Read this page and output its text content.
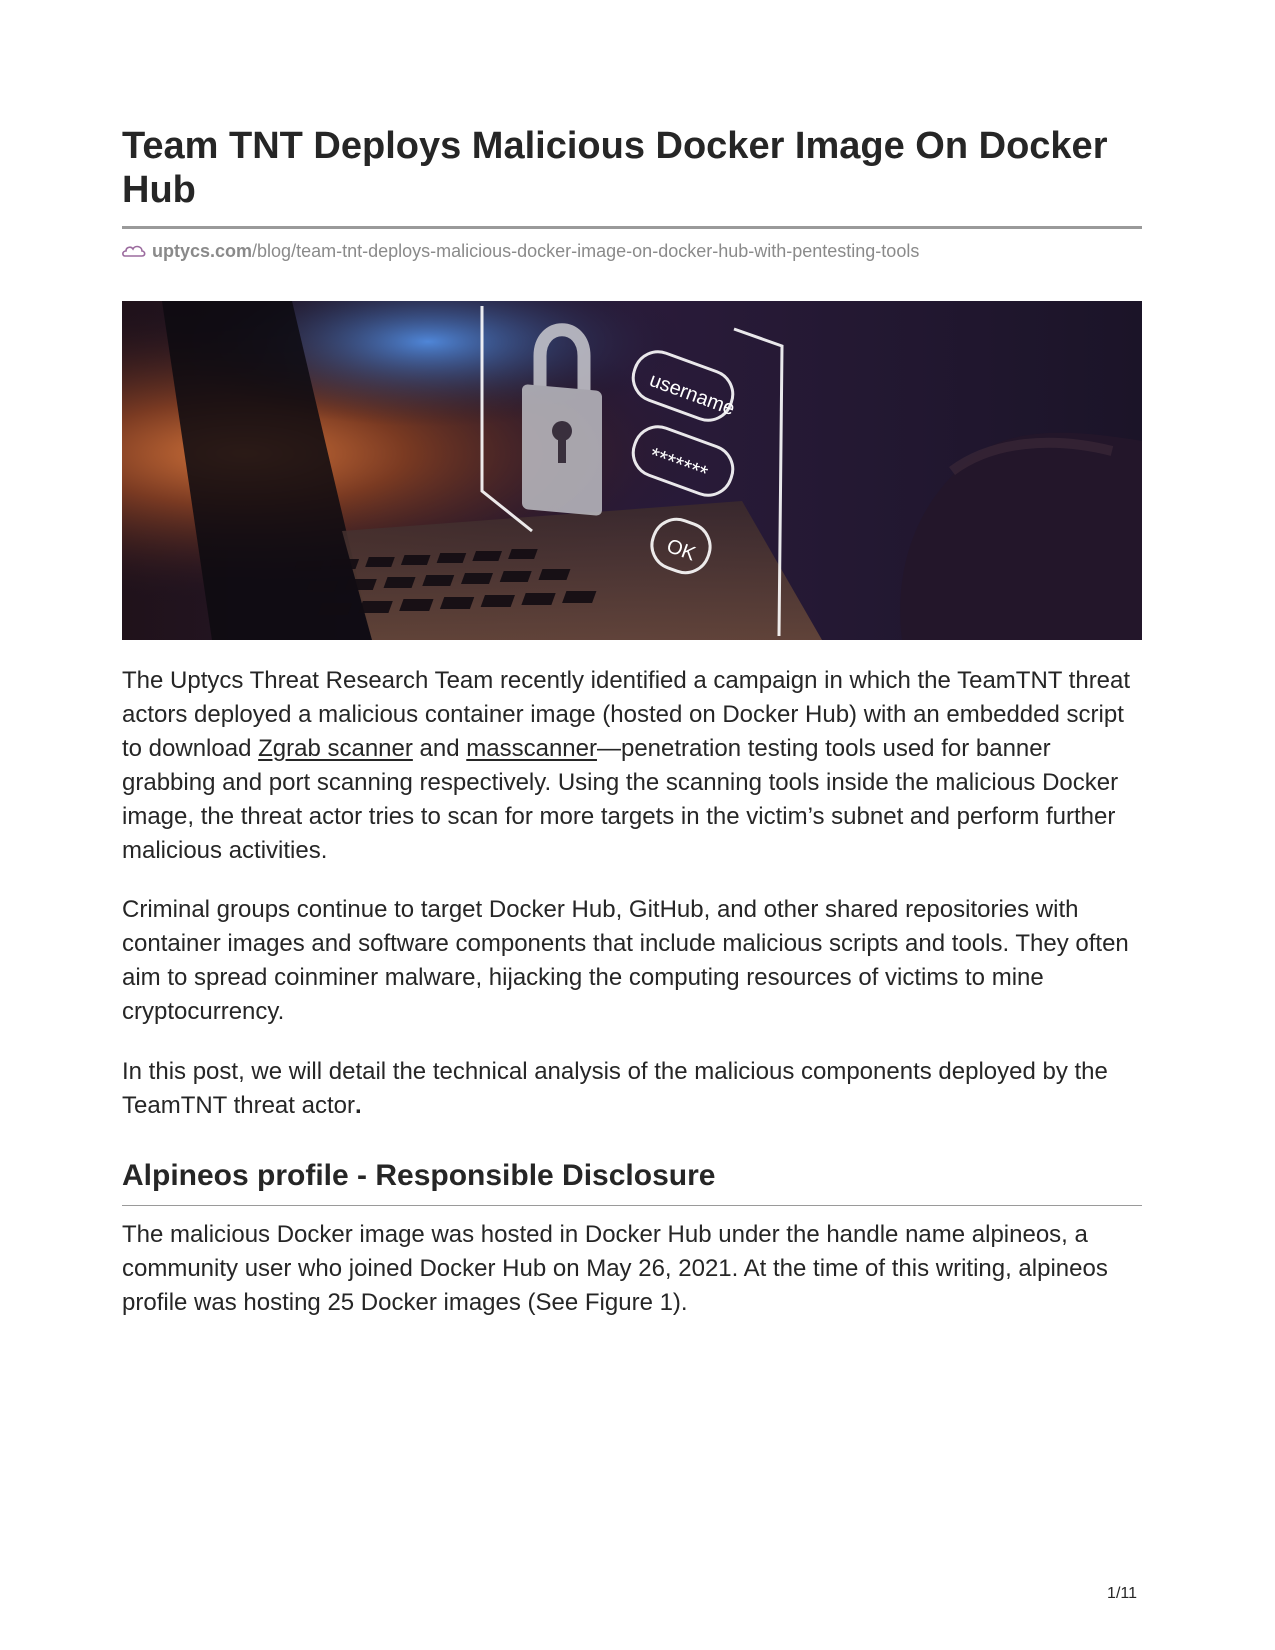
Team TNT Deploys Malicious Docker Image On Docker Hub
uptycs.com/blog/team-tnt-deploys-malicious-docker-image-on-docker-hub-with-pentesting-tools
username
*******
OK

The Uptycs Threat Research Team recently identified a campaign in which the TeamTNT threat actors deployed a malicious container image (hosted on Docker Hub) with an embedded script to download Zgrab scanner and masscanner—penetration testing tools used for banner grabbing and port scanning respectively. Using the scanning tools inside the malicious Docker image, the threat actor tries to scan for more targets in the victim’s subnet and perform further malicious activities.

Criminal groups continue to target Docker Hub, GitHub, and other shared repositories with container images and software components that include malicious scripts and tools. They often aim to spread coinminer malware, hijacking the computing resources of victims to mine cryptocurrency.

In this post, we will detail the technical analysis of the malicious components deployed by the TeamTNT threat actor.

Alpineos profile - Responsible Disclosure

The malicious Docker image was hosted in Docker Hub under the handle name alpineos, a community user who joined Docker Hub on May 26, 2021. At the time of this writing, alpineos profile was hosting 25 Docker images (See Figure 1).

1/11
